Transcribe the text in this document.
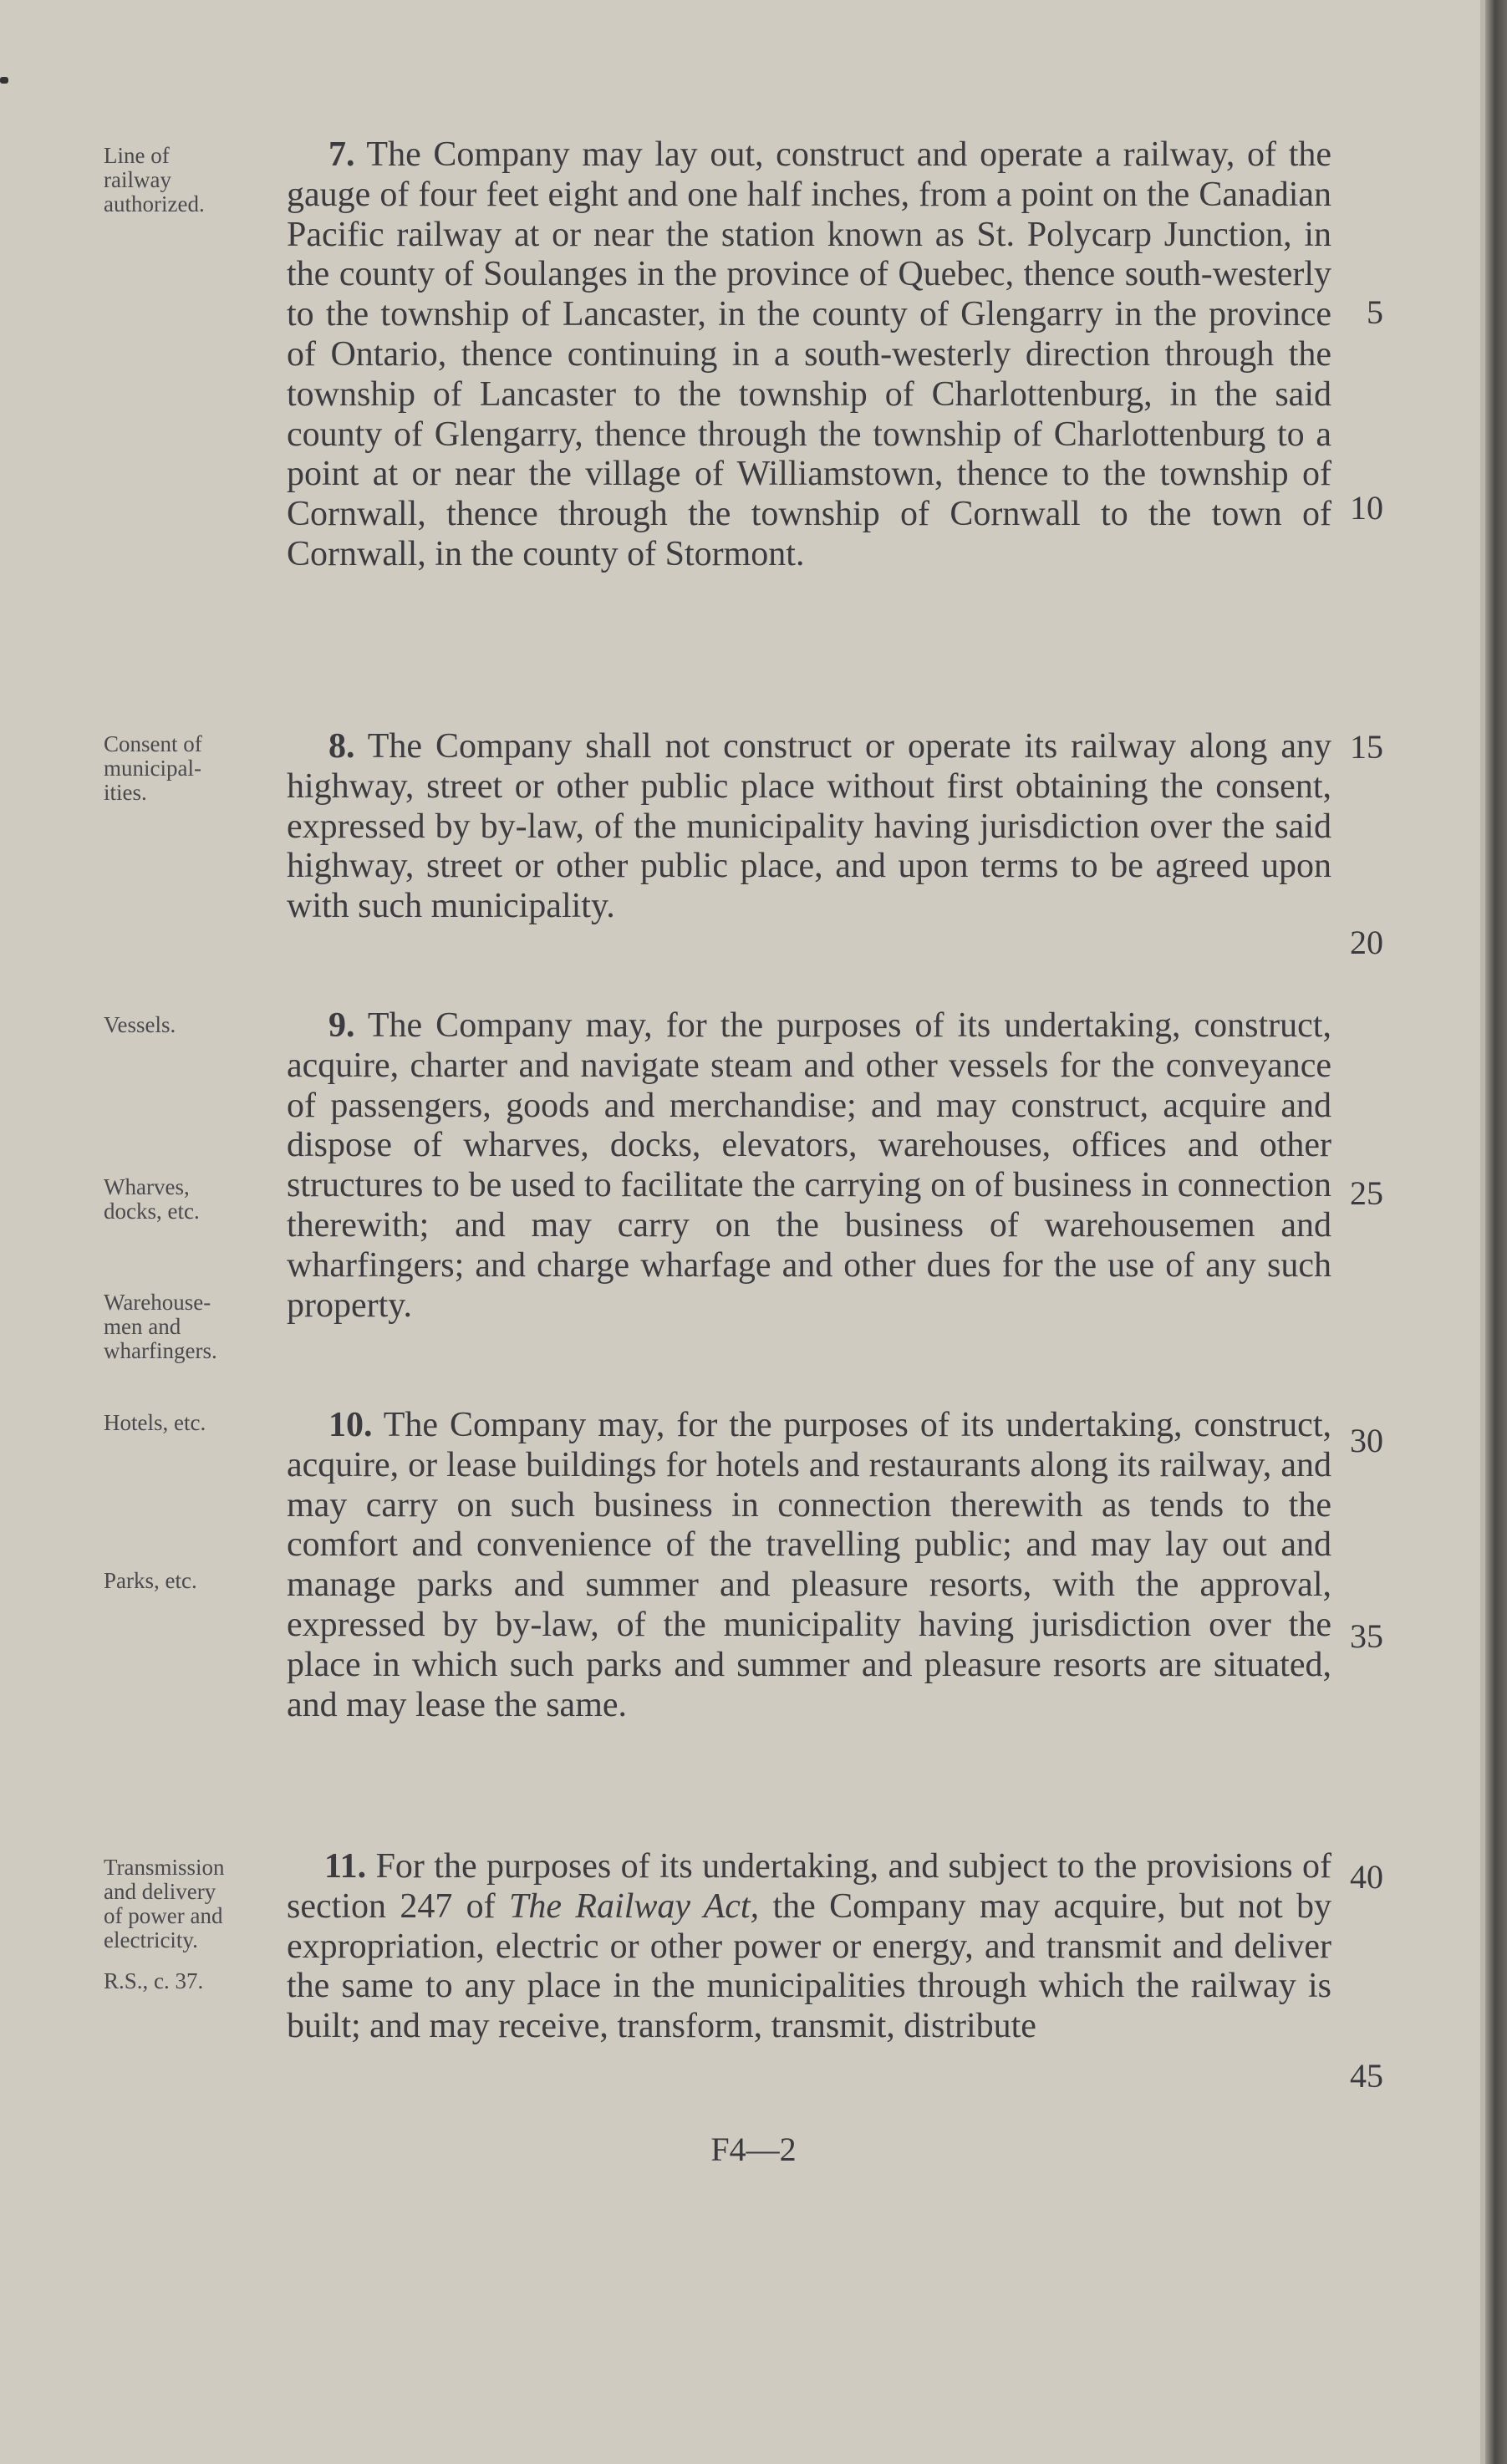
Line of
railway
authorized.
Consent of
municipal-
ities.
Vessels.
Wharves,
docks, etc.
Warehouse-
men and
wharfingers.
Hotels, etc.
Parks, etc.
Transmission
and delivery
of power and
electricity.
R.S., c. 37.
7. The Company may lay out, construct and operate a railway, of the gauge of four feet eight and one half inches, from a point on the Canadian Pacific railway at or near the station known as St. Polycarp Junction, in the county of Soulanges in the province of Quebec, thence south-westerly to the township of Lancaster, in the county of Glengarry in the province of Ontario, thence continuing in a south-westerly direction through the township of Lancaster to the township of Charlottenburg, in the said county of Glengarry, thence through the township of Charlottenburg to a point at or near the village of Williamstown, thence to the township of Cornwall, thence through the township of Cornwall to the town of Cornwall, in the county of Stormont.
8. The Company shall not construct or operate its railway along any highway, street or other public place without first obtaining the consent, expressed by by-law, of the municipality having jurisdiction over the said highway, street or other public place, and upon terms to be agreed upon with such municipality.
9. The Company may, for the purposes of its undertaking, construct, acquire, charter and navigate steam and other vessels for the conveyance of passengers, goods and merchandise; and may construct, acquire and dispose of wharves, docks, elevators, warehouses, offices and other structures to be used to facilitate the carrying on of business in connection therewith; and may carry on the business of warehousemen and wharfingers; and charge wharfage and other dues for the use of any such property.
10. The Company may, for the purposes of its undertaking, construct, acquire, or lease buildings for hotels and restaurants along its railway, and may carry on such business in connection therewith as tends to the comfort and convenience of the travelling public; and may lay out and manage parks and summer and pleasure resorts, with the approval, expressed by by-law, of the municipality having jurisdiction over the place in which such parks and summer and pleasure resorts are situated, and may lease the same.
11. For the purposes of its undertaking, and subject to the provisions of section 247 of The Railway Act, the Company may acquire, but not by expropriation, electric or other power or energy, and transmit and deliver the same to any place in the municipalities through which the railway is built; and may receive, transform, transmit, distribute
5
10
15
20
25
30
35
40
45
F4—2
